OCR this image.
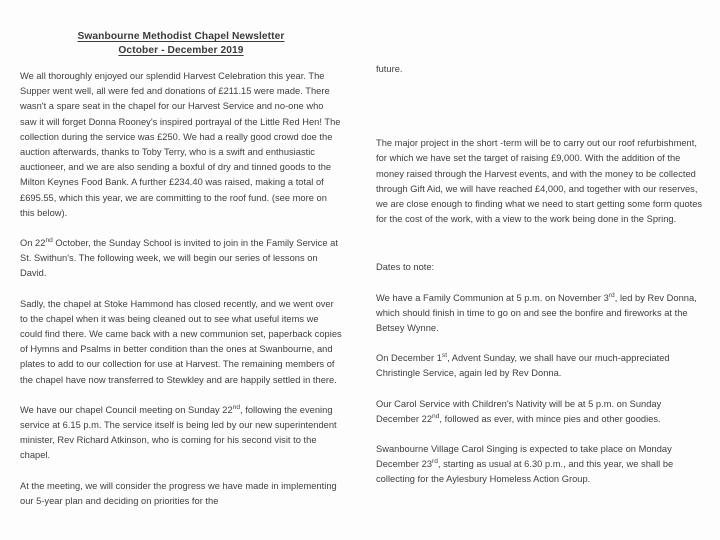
Swanbourne Methodist Chapel Newsletter
October - December 2019

We all thoroughly enjoyed our splendid Harvest Celebration this year. The Supper went well, all were fed and donations of £211.15 were made. There wasn't a spare seat in the chapel for our Harvest Service and no-one who saw it will forget Donna Rooney's inspired portrayal of the Little Red Hen! The collection during the service was £250. We had a really good crowd doe the auction afterwards, thanks to Toby Terry, who is a swift and enthusiastic auctioneer, and we are also sending a boxful of dry and tinned goods to the Milton Keynes Food Bank. A further £234.40 was raised, making a total of £695.55, which this year, we are committing to the roof fund. (see more on this below).

On 22nd October, the Sunday School is invited to join in the Family Service at St. Swithun's. The following week, we will begin our series of lessons on David.

Sadly, the chapel at Stoke Hammond has closed recently, and we went over to the chapel when it was being cleaned out to see what useful items we could find there. We came back with a new communion set, paperback copies of Hymns and Psalms in better condition than the ones at Swanbourne, and plates to add to our collection for use at Harvest. The remaining members of the chapel have now transferred to Stewkley and are happily settled in there.

We have our chapel Council meeting on Sunday 22nd, following the evening service at 6.15 p.m. The service itself is being led by our new superintendent minister, Rev Richard Atkinson, who is coming for his second visit to the chapel.

At the meeting, we will consider the progress we have made in implementing our 5-year plan and deciding on priorities for the

future.

The major project in the short -term will be to carry out our roof refurbishment, for which we have set the target of raising £9,000. With the addition of the money raised through the Harvest events, and with the money to be collected through Gift Aid, we will have reached £4,000, and together with our reserves, we are close enough to finding what we need to start getting some form quotes for the cost of the work, with a view to the work being done in the Spring.

Dates to note:

We have a Family Communion at 5 p.m. on November 3rd, led by Rev Donna, which should finish in time to go on and see the bonfire and fireworks at the Betsey Wynne.

On December 1st, Advent Sunday, we shall have our much-appreciated Christingle Service, again led by Rev Donna.

Our Carol Service with Children's Nativity will be at 5 p.m. on Sunday December 22nd, followed as ever, with mince pies and other goodies.

Swanbourne Village Carol Singing is expected to take place on Monday December 23rd, starting as usual at 6.30 p.m., and this year, we shall be collecting for the Aylesbury Homeless Action Group.
